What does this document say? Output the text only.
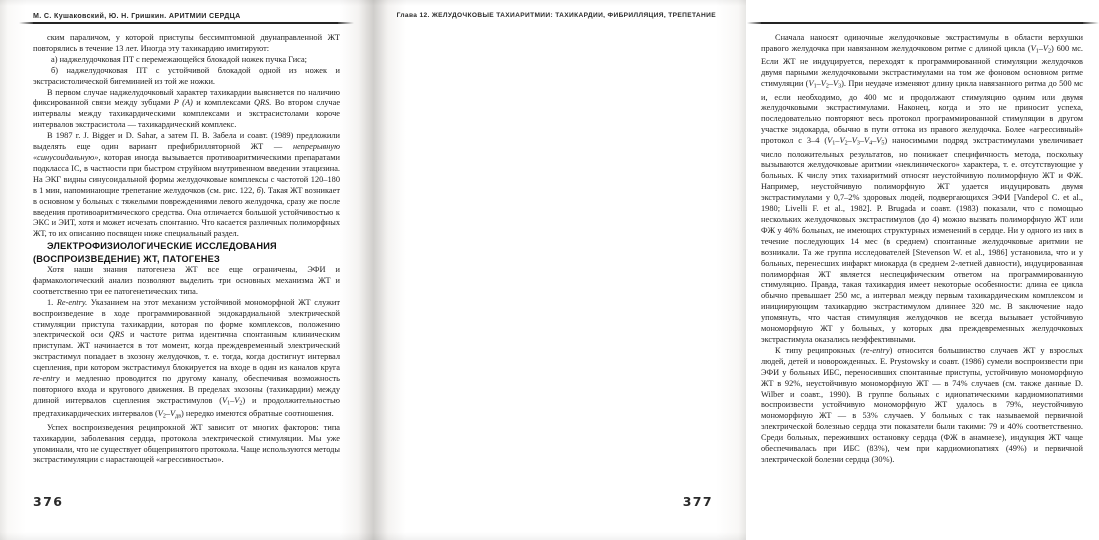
М. С. Кушаковский, Ю. Н. Гришкин. АРИТМИИ СЕРДЦА

ским параличом, у которой приступы бессимптомной двунаправленной ЖТ повторялись в течение 13 лет. Иногда эту тахикардию имитируют:

а) наджелудочковая ПТ с перемежающейся блокадой ножек пучка Гиса;

б) наджелудочковая ПТ с устойчивой блокадой одной из ножек и экстрасистолической бигеминией из той же ножки.

В первом случае наджелудочковый характер тахикардии выясняется по наличию фиксированной связи между зубцами P (А) и комплексами QRS. Во втором случае интервалы между тахикардическими комплексами и экстрасистолами короче интервалов экстрасистола — тахикардический комплекс.

В 1987 г. J. Bigger и D. Sahar, а затем П. В. Забела и соавт. (1989) предложили выделять еще один вариант префибрилляторной ЖТ — непрерывную «синусоидальную», которая иногда вызывается противоаритмическими препаратами подкласса IC, в частности при быстром струйном внутривенном введении этацизина. На ЭКГ видны синусоидальной формы желудочковые комплексы с частотой 120–180 в 1 мин, напоминающие трепетание желудочков (см. рис. 122, б). Такая ЖТ возникает в основном у больных с тяжелыми повреждениями левого желудочка, сразу же после введения противоаритмического средства. Она отличается большой устойчивостью к ЭКС и ЭИТ, хотя и может исчезать спонтанно. Что касается различных полиморфных ЖТ, то их описанию посвящен ниже специальный раздел.

ЭЛЕКТРОФИЗИОЛОГИЧЕСКИЕ ИССЛЕДОВАНИЯ (ВОСПРОИЗВЕДЕНИЕ) ЖТ, ПАТОГЕНЕЗ

Хотя наши знания патогенеза ЖТ все еще ограничены, ЭФИ и фармакологический анализ позволяют выделить три основных механизма ЖТ и соответственно три ее патогенетических типа.

1. Re-entry. Указанием на этот механизм устойчивой мономорфной ЖТ служит воспроизведение в ходе программированной эндокардиальной электрической стимуляции приступа тахикардии, которая по форме комплексов, положению электрической оси QRS и частоте ритма идентична спонтанным клиническим приступам. ЖТ начинается в тот момент, когда преждевременный электрический экстрастимул попадает в эхозону желудочков, т. е. тогда, когда достигнут интервал сцепления, при котором экстрастимул блокируется на входе в один из каналов круга re-entry и медленно проводится по другому каналу, обеспечивая возможность повторного входа и кругового движения. В пределах эхозоны (тахикардии) между длиной интервалов сцепления экстрастимулов $(V_1-V_2)$ и продолжительностью предтахикардических интервалов $(V_2-V_{дв})$ нередко имеются обратные соотношения.

Успех воспроизведения реципрокной ЖТ зависит от многих факторов: типа тахикардии, заболевания сердца, протокола электрической стимуляции. Мы уже упоминали, что не существует общепринятого протокола. Чаще используются методы экстрастимуляции с нарастающей «агрессивностью».

376
Глава 12. ЖЕЛУДОЧКОВЫЕ ТАХИАРИТМИИ: ТАХИКАРДИИ, ФИБРИЛЛЯЦИЯ, ТРЕПЕТАНИЕ

Сначала наносят одиночные желудочковые экстрастимулы в области верхушки правого желудочка при навязанном желудочковом ритме с длиной цикла $(V_1-V_2)$ 600 мс. Если ЖТ не индуцируется, переходят к программированной стимуляции желудочков двумя парными желудочковыми экстрастимулами на том же фоновом основном ритме стимуляции $(V_1-V_2-V_3)$. При неудаче изменяют длину цикла навязанного ритма до 500 мс и, если необходимо, до 400 мс и продолжают стимуляцию одним или двумя желудочковыми экстрастимулами. Наконец, когда и это не приносит успеха, последовательно повторяют весь протокол программированной стимуляции в другом участке эндокарда, обычно в пути оттока из правого желудочка. Более «агрессивный» протокол с 3–4 $(V_1-V_2-V_3-V_4-V_5)$ наносимыми подряд экстрастимулами увеличивает число положительных результатов, но понижает специфичность метода, поскольку вызываются желудочковые аритмии «неклинического» характера, т. е. отсутствующие у больных. К числу этих тахиаритмий относят неустойчивую полиморфную ЖТ и ФЖ. Например, неустойчивую полиморфную ЖТ удается индуцировать двумя экстрастимулами у 0,7–2% здоровых людей, подвергающихся ЭФИ [Vandepol C. et al., 1980; Livelli F. et al., 1982]. P. Brugada и соавт. (1983) показали, что с помощью нескольких желудочковых экстрастимулов (до 4) можно вызвать полиморфную ЖТ или ФЖ у 46% больных, не имеющих структурных изменений в сердце. Ни у одного из них в течение последующих 14 мес (в среднем) спонтанные желудочковые аритмии не возникали. Та же группа исследователей [Stevenson W. et al., 1986] установила, что и у больных, перенесших инфаркт миокарда (в среднем 2-летней давности), индуцированная полиморфная ЖТ является неспецифическим ответом на программированную стимуляцию. Правда, такая тахикардия имеет некоторые особенности: длина ее цикла обычно превышает 250 мс, а интервал между первым тахикардическим комплексом и инициирующим тахикардию экстрастимулом длиннее 320 мс. В заключение надо упомянуть, что частая стимуляция желудочков не всегда вызывает устойчивую мономорфную ЖТ у больных, у которых два преждевременных желудочковых экстрастимула оказались неэффективными.

К типу реципрокных (re-entry) относится большинство случаев ЖТ у взрослых людей, детей и новорожденных. E. Prystowsky и соавт. (1986) сумели воспроизвести при ЭФИ у больных ИБС, переносивших спонтанные приступы, устойчивую мономорфную ЖТ в 92%, неустойчивую мономорфную ЖТ — в 74% случаев (см. также данные D. Wilber и соавт., 1990). В группе больных с идиопатическими кардиомиопатиями воспроизвести устойчивую мономорфную ЖТ удалось в 79%, неустойчивую мономорфную ЖТ — в 53% случаев. У больных с так называемой первичной электрической болезнью сердца эти показатели были такими: 79 и 40% соответственно. Среди больных, переживших остановку сердца (ФЖ в анамнезе), индукция ЖТ чаще обеспечивалась при ИБС (83%), чем при кардиомиопатиях (49%) и первичной электрической болезни сердца (30%).

377
